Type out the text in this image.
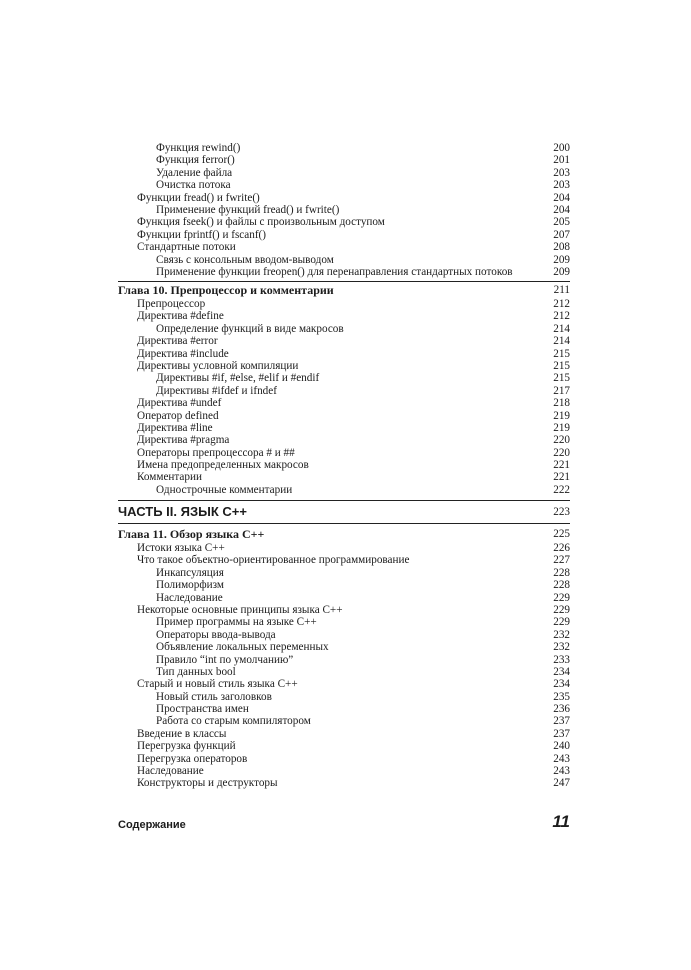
Функция rewind()	200
Функция ferror()	201
Удаление файла	203
Очистка потока	203
Функции fread() и fwrite()	204
Применение функций fread() и fwrite()	204
Функция fseek() и файлы с произвольным доступом	205
Функции fprintf() и fscanf()	207
Стандартные потоки	208
Связь с консольным вводом-выводом	209
Применение функции freopen() для перенаправления стандартных потоков	209
Глава 10. Препроцессор и комментарии	211
Препроцессор	212
Директива #define	212
Определение функций в виде макросов	214
Директива #error	214
Директива #include	215
Директивы условной компиляции	215
Директивы #if, #else, #elif и #endif	215
Директивы #ifdef и ifndef	217
Директива #undef	218
Оператор defined	219
Директива #line	219
Директива #pragma	220
Операторы препроцессора # и ##	220
Имена предопределенных макросов	221
Комментарии	221
Однострочные комментарии	222
ЧАСТЬ II. ЯЗЫК C++	223
Глава 11. Обзор языка C++	225
Истоки языка C++	226
Что такое объектно-ориентированное программирование	227
Инкапсуляция	228
Полиморфизм	228
Наследование	229
Некоторые основные принципы языка C++	229
Пример программы на языке C++	229
Операторы ввода-вывода	232
Объявление локальных переменных	232
Правило “int по умолчанию”	233
Тип данных bool	234
Старый и новый стиль языка C++	234
Новый стиль заголовков	235
Пространства имен	236
Работа со старым компилятором	237
Введение в классы	237
Перегрузка функций	240
Перегрузка операторов	243
Наследование	243
Конструкторы и деструкторы	247
Содержание	11
